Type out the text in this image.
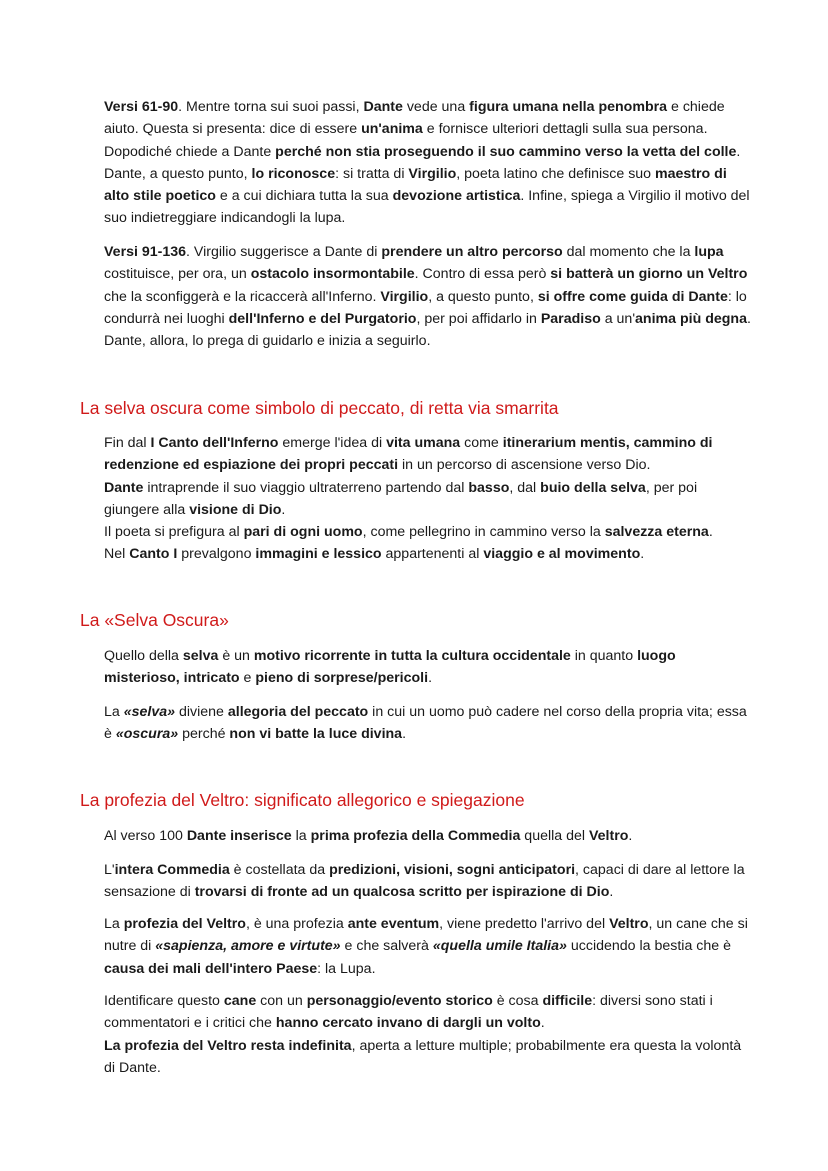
Versi 61-90. Mentre torna sui suoi passi, Dante vede una figura umana nella penombra e chiede aiuto. Questa si presenta: dice di essere un'anima e fornisce ulteriori dettagli sulla sua persona. Dopodiché chiede a Dante perché non stia proseguendo il suo cammino verso la vetta del colle. Dante, a questo punto, lo riconosce: si tratta di Virgilio, poeta latino che definisce suo maestro di alto stile poetico e a cui dichiara tutta la sua devozione artistica. Infine, spiega a Virgilio il motivo del suo indietreggiare indicandogli la lupa.

Versi 91-136. Virgilio suggerisce a Dante di prendere un altro percorso dal momento che la lupa costituisce, per ora, un ostacolo insormontabile. Contro di essa però si batterà un giorno un Veltro che la sconfiggerà e la ricaccerà all'Inferno. Virgilio, a questo punto, si offre come guida di Dante: lo condurrà nei luoghi dell'Inferno e del Purgatorio, per poi affidarlo in Paradiso a un'anima più degna. Dante, allora, lo prega di guidarlo e inizia a seguirlo.

La selva oscura come simbolo di peccato, di retta via smarrita

Fin dal I Canto dell'Inferno emerge l'idea di vita umana come itinerarium mentis, cammino di redenzione ed espiazione dei propri peccati in un percorso di ascensione verso Dio.
Dante intraprende il suo viaggio ultraterreno partendo dal basso, dal buio della selva, per poi giungere alla visione di Dio.
Il poeta si prefigura al pari di ogni uomo, come pellegrino in cammino verso la salvezza eterna.
Nel Canto I prevalgono immagini e lessico appartenenti al viaggio e al movimento.

La «Selva Oscura»

Quello della selva è un motivo ricorrente in tutta la cultura occidentale in quanto luogo misterioso, intricato e pieno di sorprese/pericoli.

La «selva» diviene allegoria del peccato in cui un uomo può cadere nel corso della propria vita; essa è «oscura» perché non vi batte la luce divina.

La profezia del Veltro: significato allegorico e spiegazione

Al verso 100 Dante inserisce la prima profezia della Commedia quella del Veltro.

L'intera Commedia è costellata da predizioni, visioni, sogni anticipatori, capaci di dare al lettore la sensazione di trovarsi di fronte ad un qualcosa scritto per ispirazione di Dio.

La profezia del Veltro, è una profezia ante eventum, viene predetto l'arrivo del Veltro, un cane che si nutre di «sapienza, amore e virtute» e che salverà «quella umile Italia» uccidendo la bestia che è causa dei mali dell'intero Paese: la Lupa.

Identificare questo cane con un personaggio/evento storico è cosa difficile: diversi sono stati i commentatori e i critici che hanno cercato invano di dargli un volto.
La profezia del Veltro resta indefinita, aperta a letture multiple; probabilmente era questa la volontà di Dante.
